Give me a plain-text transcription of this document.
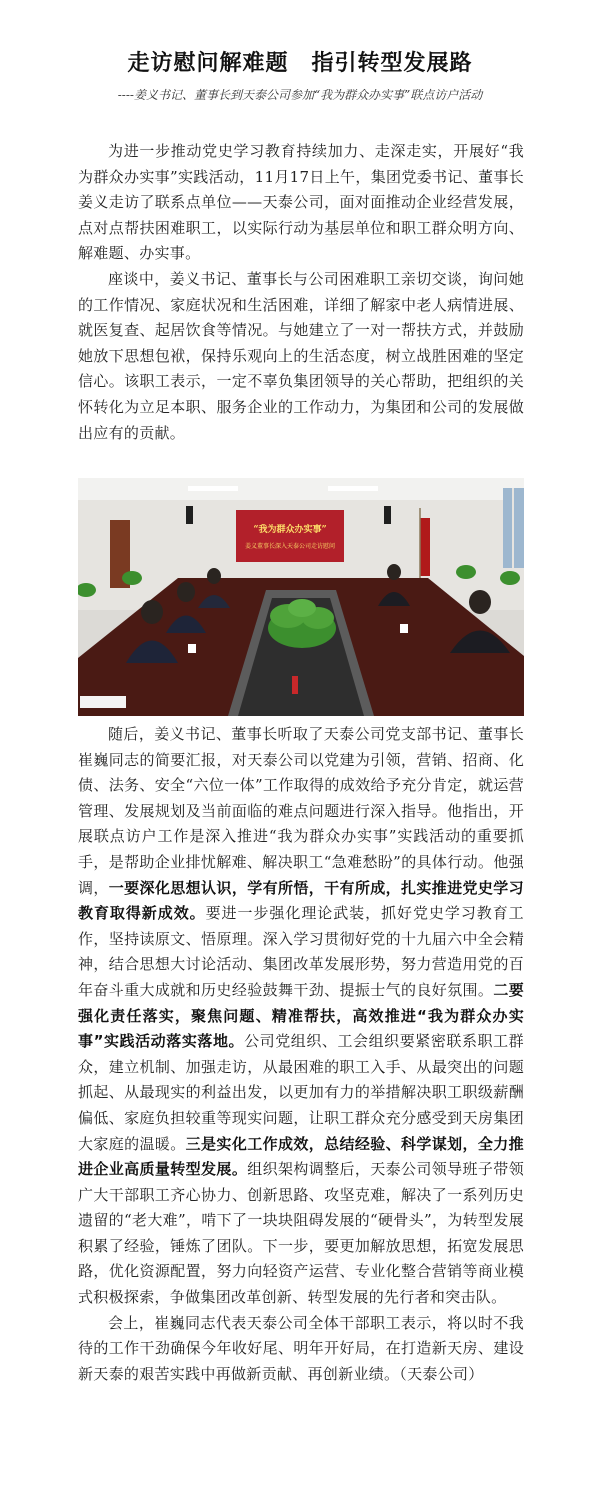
走访慰问解难题　指引转型发展路
----姜义书记、董事长到天泰公司参加“我为群众办实事”联点访户活动

为进一步推动党史学习教育持续加力、走深走实，开展好“我为群众办实事”实践活动，11月17日上午，集团党委书记、董事长姜义走访了联系点单位——天泰公司，面对面推动企业经营发展，点对点帮扶困难职工，以实际行动为基层单位和职工群众明方向、解难题、办实事。

座谈中，姜义书记、董事长与公司困难职工亲切交谈，询问她的工作情况、家庭状况和生活困难，详细了解家中老人病情进展、就医复查、起居饮食等情况。与她建立了一对一帮扶方式，并鼓励她放下思想包袱，保持乐观向上的生活态度，树立战胜困难的坚定信心。该职工表示，一定不辜负集团领导的关心帮助，把组织的关怀转化为立足本职、服务企业的工作动力，为集团和公司的发展做出应有的贡献。

“我为群众办实事”
姜义董事长深入天泰公司走访慰问

随后，姜义书记、董事长听取了天泰公司党支部书记、董事长崔巍同志的简要汇报，对天泰公司以党建为引领，营销、招商、化债、法务、安全“六位一体”工作取得的成效给予充分肯定，就运营管理、发展规划及当前面临的难点问题进行深入指导。他指出，开展联点访户工作是深入推进“我为群众办实事”实践活动的重要抓手，是帮助企业排忧解难、解决职工“急难愁盼”的具体行动。他强调，一要深化思想认识，学有所悟，干有所成，扎实推进党史学习教育取得新成效。要进一步强化理论武装，抓好党史学习教育工作，坚持读原文、悟原理。深入学习贯彻好党的十九届六中全会精神，结合思想大讨论活动、集团改革发展形势，努力营造用党的百年奋斗重大成就和历史经验鼓舞干劲、提振士气的良好氛围。二要强化责任落实，聚焦问题、精准帮扶，高效推进“我为群众办实事”实践活动落实落地。公司党组织、工会组织要紧密联系职工群众，建立机制、加强走访，从最困难的职工入手、从最突出的问题抓起、从最现实的利益出发，以更加有力的举措解决职工职级薪酬偏低、家庭负担较重等现实问题，让职工群众充分感受到天房集团大家庭的温暖。三是实化工作成效，总结经验、科学谋划，全力推进企业高质量转型发展。组织架构调整后，天泰公司领导班子带领广大干部职工齐心协力、创新思路、攻坚克难，解决了一系列历史遗留的“老大难”，啃下了一块块阻碍发展的“硬骨头”，为转型发展积累了经验，锤炼了团队。下一步，要更加解放思想，拓宽发展思路，优化资源配置，努力向轻资产运营、专业化整合营销等商业模式积极探索，争做集团改革创新、转型发展的先行者和突击队。

会上，崔巍同志代表天泰公司全体干部职工表示，将以时不我待的工作干劲确保今年收好尾、明年开好局，在打造新天房、建设新天泰的艰苦实践中再做新贡献、再创新业绩。（天泰公司）
